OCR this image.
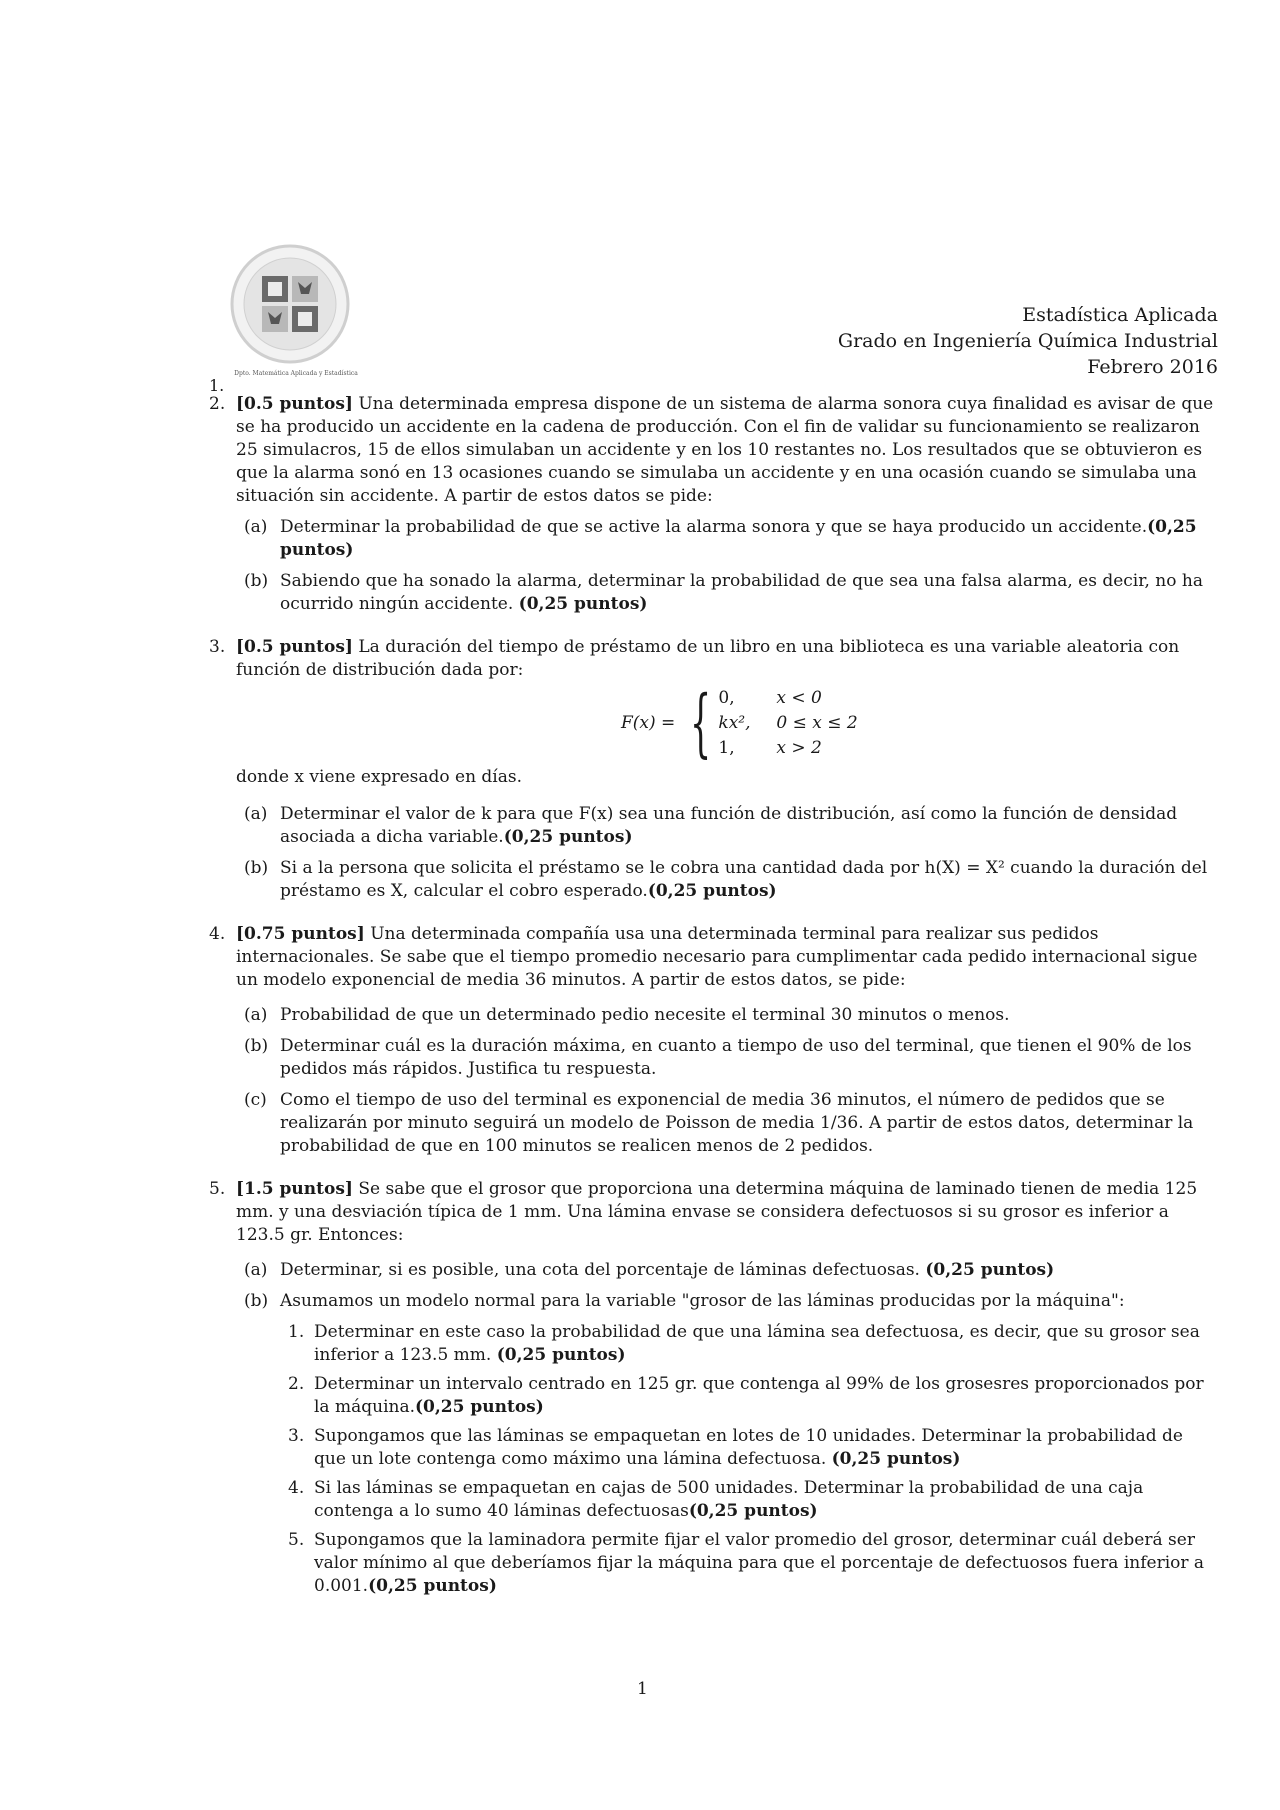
Dpto. Matemática Aplicada y Estadística
Estadística Aplicada
Grado en Ingeniería Química Industrial
Febrero 2016
1.
2. [0.5 puntos] Una determinada empresa dispone de un sistema de alarma sonora cuya finalidad es avisar de que se ha producido un accidente en la cadena de producción. Con el fin de validar su funcionamiento se realizaron 25 simulacros, 15 de ellos simulaban un accidente y en los 10 restantes no. Los resultados que se obtuvieron es que la alarma sonó en 13 ocasiones cuando se simulaba un accidente y en una ocasión cuando se simulaba una situación sin accidente. A partir de estos datos se pide:
(a) Determinar la probabilidad de que se active la alarma sonora y que se haya producido un accidente.(0,25 puntos)
(b) Sabiendo que ha sonado la alarma, determinar la probabilidad de que sea una falsa alarma, es decir, no ha ocurrido ningún accidente. (0,25 puntos)
3. [0.5 puntos] La duración del tiempo de préstamo de un libro en una biblioteca es una variable aleatoria con función de distribución dada por:
F(x) = { 0,	x < 0
kx²,	0 ≤ x ≤ 2
1,	x > 2
donde x viene expresado en días.
(a) Determinar el valor de k para que F(x) sea una función de distribución, así como la función de densidad asociada a dicha variable.(0,25 puntos)
(b) Si a la persona que solicita el préstamo se le cobra una cantidad dada por h(X) = X² cuando la duración del préstamo es X, calcular el cobro esperado.(0,25 puntos)
4. [0.75 puntos] Una determinada compañía usa una determinada terminal para realizar sus pedidos internacionales. Se sabe que el tiempo promedio necesario para cumplimentar cada pedido internacional sigue un modelo exponencial de media 36 minutos. A partir de estos datos, se pide:
(a) Probabilidad de que un determinado pedio necesite el terminal 30 minutos o menos.
(b) Determinar cuál es la duración máxima, en cuanto a tiempo de uso del terminal, que tienen el 90% de los pedidos más rápidos. Justifica tu respuesta.
(c) Como el tiempo de uso del terminal es exponencial de media 36 minutos, el número de pedidos que se realizarán por minuto seguirá un modelo de Poisson de media 1/36. A partir de estos datos, determinar la probabilidad de que en 100 minutos se realicen menos de 2 pedidos.
5. [1.5 puntos] Se sabe que el grosor que proporciona una determina máquina de laminado tienen de media 125 mm. y una desviación típica de 1 mm. Una lámina envase se considera defectuosos si su grosor es inferior a 123.5 gr. Entonces:
(a) Determinar, si es posible, una cota del porcentaje de láminas defectuosas. (0,25 puntos)
(b) Asumamos un modelo normal para la variable "grosor de las láminas producidas por la máquina":
1. Determinar en este caso la probabilidad de que una lámina sea defectuosa, es decir, que su grosor sea inferior a 123.5 mm. (0,25 puntos)
2. Determinar un intervalo centrado en 125 gr. que contenga al 99% de los grosesres proporcionados por la máquina.(0,25 puntos)
3. Supongamos que las láminas se empaquetan en lotes de 10 unidades. Determinar la probabilidad de que un lote contenga como máximo una lámina defectuosa. (0,25 puntos)
4. Si las láminas se empaquetan en cajas de 500 unidades. Determinar la probabilidad de una caja contenga a lo sumo 40 láminas defectuosas(0,25 puntos)
5. Supongamos que la laminadora permite fijar el valor promedio del grosor, determinar cuál deberá ser valor mínimo al que deberíamos fijar la máquina para que el porcentaje de defectuosos fuera inferior a 0.001.(0,25 puntos)
1
